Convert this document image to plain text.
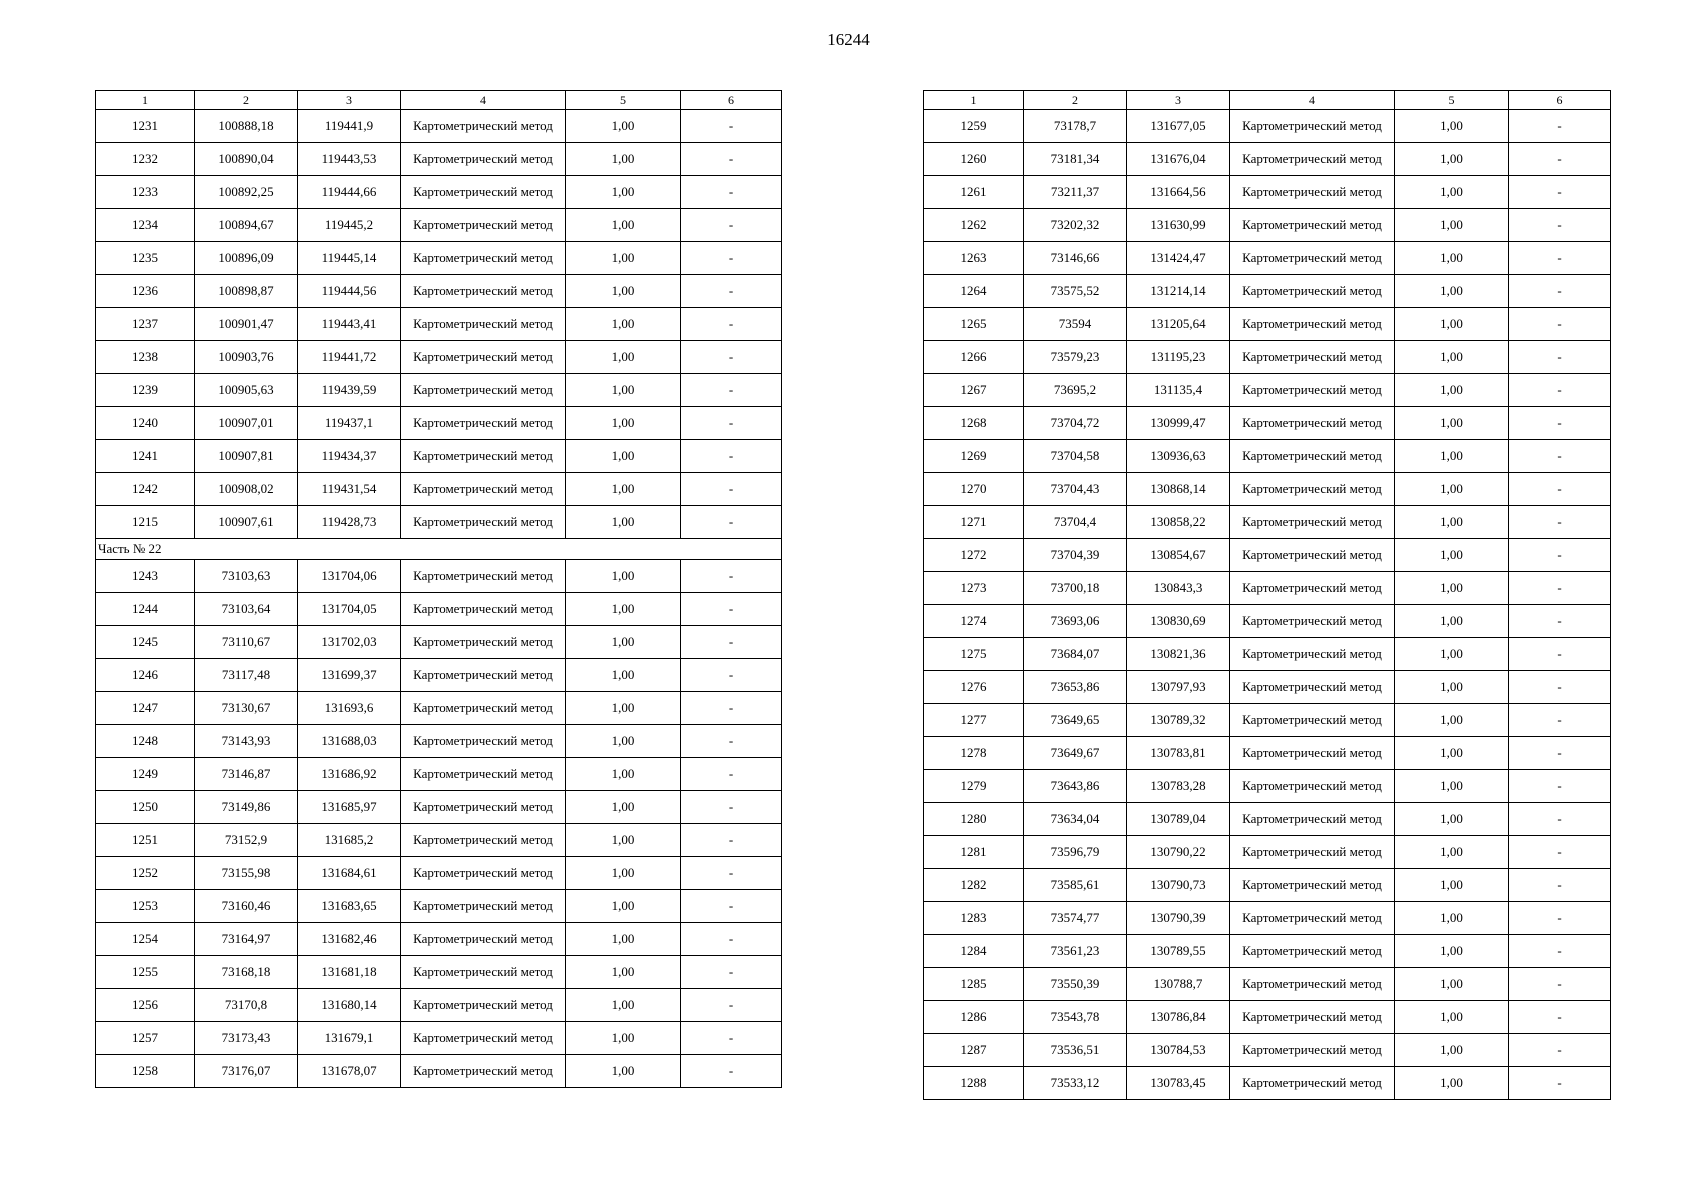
16244
1	2	3	4	5	6
1231	100888,18	119441,9	Картометрический метод	1,00	-
1232	100890,04	119443,53	Картометрический метод	1,00	-
1233	100892,25	119444,66	Картометрический метод	1,00	-
1234	100894,67	119445,2	Картометрический метод	1,00	-
1235	100896,09	119445,14	Картометрический метод	1,00	-
1236	100898,87	119444,56	Картометрический метод	1,00	-
1237	100901,47	119443,41	Картометрический метод	1,00	-
1238	100903,76	119441,72	Картометрический метод	1,00	-
1239	100905,63	119439,59	Картометрический метод	1,00	-
1240	100907,01	119437,1	Картометрический метод	1,00	-
1241	100907,81	119434,37	Картометрический метод	1,00	-
1242	100908,02	119431,54	Картометрический метод	1,00	-
1215	100907,61	119428,73	Картометрический метод	1,00	-
Часть № 22					
1243	73103,63	131704,06	Картометрический метод	1,00	-
1244	73103,64	131704,05	Картометрический метод	1,00	-
1245	73110,67	131702,03	Картометрический метод	1,00	-
1246	73117,48	131699,37	Картометрический метод	1,00	-
1247	73130,67	131693,6	Картометрический метод	1,00	-
1248	73143,93	131688,03	Картометрический метод	1,00	-
1249	73146,87	131686,92	Картометрический метод	1,00	-
1250	73149,86	131685,97	Картометрический метод	1,00	-
1251	73152,9	131685,2	Картометрический метод	1,00	-
1252	73155,98	131684,61	Картометрический метод	1,00	-
1253	73160,46	131683,65	Картометрический метод	1,00	-
1254	73164,97	131682,46	Картометрический метод	1,00	-
1255	73168,18	131681,18	Картометрический метод	1,00	-
1256	73170,8	131680,14	Картометрический метод	1,00	-
1257	73173,43	131679,1	Картометрический метод	1,00	-
1258	73176,07	131678,07	Картометрический метод	1,00	-
1	2	3	4	5	6
1259	73178,7	131677,05	Картометрический метод	1,00	-
1260	73181,34	131676,04	Картометрический метод	1,00	-
1261	73211,37	131664,56	Картометрический метод	1,00	-
1262	73202,32	131630,99	Картометрический метод	1,00	-
1263	73146,66	131424,47	Картометрический метод	1,00	-
1264	73575,52	131214,14	Картометрический метод	1,00	-
1265	73594	131205,64	Картометрический метод	1,00	-
1266	73579,23	131195,23	Картометрический метод	1,00	-
1267	73695,2	131135,4	Картометрический метод	1,00	-
1268	73704,72	130999,47	Картометрический метод	1,00	-
1269	73704,58	130936,63	Картометрический метод	1,00	-
1270	73704,43	130868,14	Картометрический метод	1,00	-
1271	73704,4	130858,22	Картометрический метод	1,00	-
1272	73704,39	130854,67	Картометрический метод	1,00	-
1273	73700,18	130843,3	Картометрический метод	1,00	-
1274	73693,06	130830,69	Картометрический метод	1,00	-
1275	73684,07	130821,36	Картометрический метод	1,00	-
1276	73653,86	130797,93	Картометрический метод	1,00	-
1277	73649,65	130789,32	Картометрический метод	1,00	-
1278	73649,67	130783,81	Картометрический метод	1,00	-
1279	73643,86	130783,28	Картометрический метод	1,00	-
1280	73634,04	130789,04	Картометрический метод	1,00	-
1281	73596,79	130790,22	Картометрический метод	1,00	-
1282	73585,61	130790,73	Картометрический метод	1,00	-
1283	73574,77	130790,39	Картометрический метод	1,00	-
1284	73561,23	130789,55	Картометрический метод	1,00	-
1285	73550,39	130788,7	Картометрический метод	1,00	-
1286	73543,78	130786,84	Картометрический метод	1,00	-
1287	73536,51	130784,53	Картометрический метод	1,00	-
1288	73533,12	130783,45	Картометрический метод	1,00	-
